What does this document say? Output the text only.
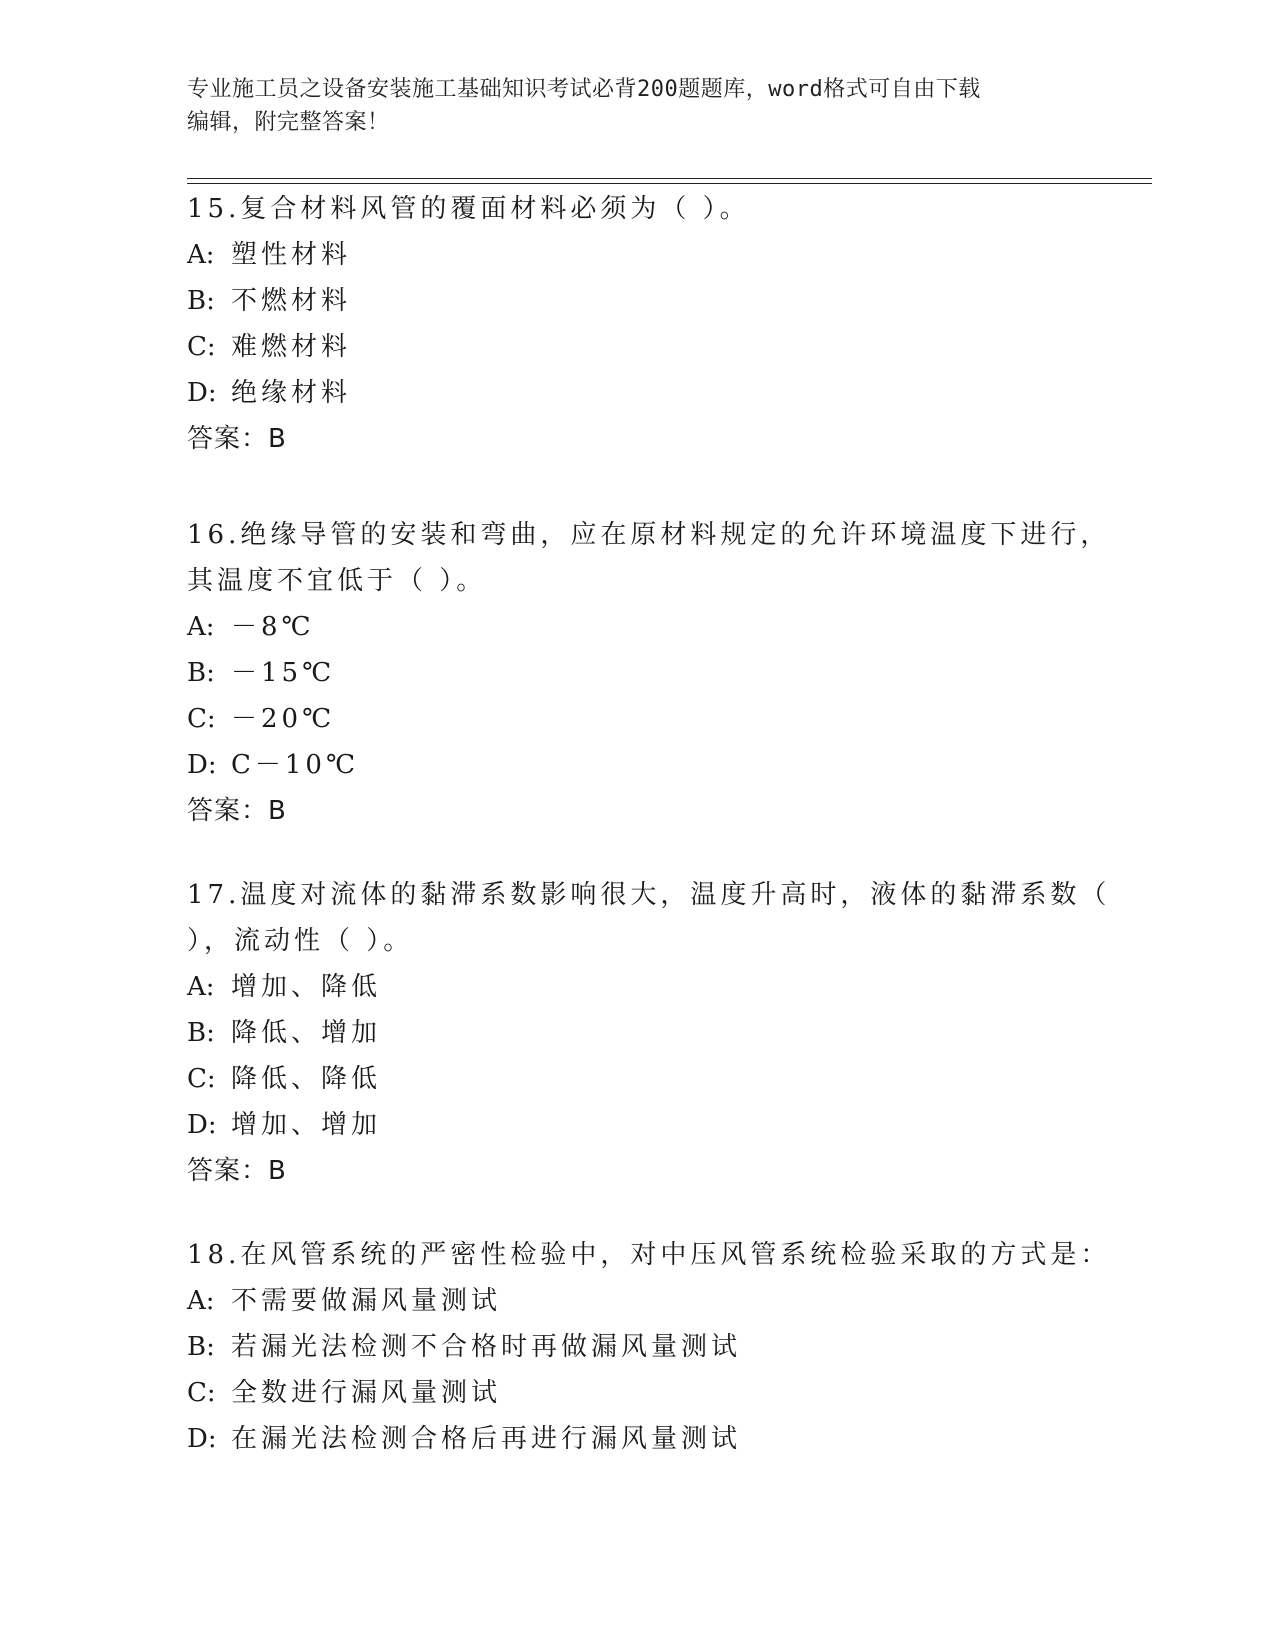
专业施工员之设备安装施工基础知识考试必背200题题库，word格式可自由下载
编辑，附完整答案！
15.复合材料风管的覆面材料必须为（ ）。
A: 塑性材料
B: 不燃材料
C: 难燃材料
D: 绝缘材料
答案：B
16.绝缘导管的安装和弯曲，应在原材料规定的允许环境温度下进行，
其温度不宜低于（ ）。
A: －8℃
B: －15℃
C: －20℃
D: C－10℃
答案：B
17.温度对流体的黏滞系数影响很大，温度升高时，液体的黏滞系数（
），流动性（ ）。
A: 增加、降低
B: 降低、增加
C: 降低、降低
D: 增加、增加
答案：B
18.在风管系统的严密性检验中，对中压风管系统检验采取的方式是：
A: 不需要做漏风量测试
B: 若漏光法检测不合格时再做漏风量测试
C: 全数进行漏风量测试
D: 在漏光法检测合格后再进行漏风量测试
